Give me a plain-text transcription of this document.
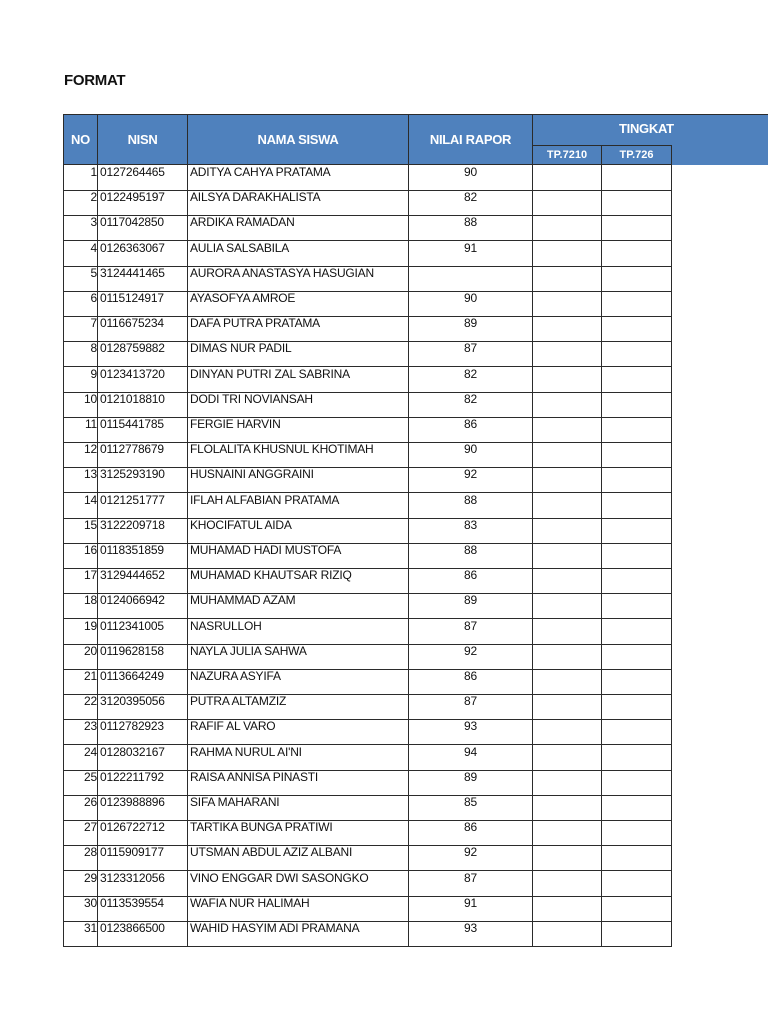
FORMAT
NO	NISN	NAMA SISWA	NILAI RAPOR
TINGKAT
TP.7210	TP.726
1 0127264465	ADITYA CAHYA PRATAMA	90
2 0122495197	AILSYA DARAKHALISTA	82
3 0117042850	ARDIKA RAMADAN	88
4 0126363067	AULIA SALSABILA	91
5 3124441465	AURORA ANASTASYA HASUGIAN
6 0115124917	AYASOFYA AMROE	90
7 0116675234	DAFA PUTRA PRATAMA	89
8 0128759882	DIMAS NUR PADIL	87
9 0123413720	DINYAN PUTRI ZAL SABRINA	82
10 0121018810	DODI TRI NOVIANSAH	82
11 0115441785	FERGIE HARVIN	86
12 0112778679	FLOLALITA KHUSNUL KHOTIMAH	90
13 3125293190	HUSNAINI ANGGRAINI	92
14 0121251777	IFLAH ALFABIAN PRATAMA	88
15 3122209718	KHOCIFATUL AIDA	83
16 0118351859	MUHAMAD HADI MUSTOFA	88
17 3129444652	MUHAMAD KHAUTSAR RIZIQ	86
18 0124066942	MUHAMMAD AZAM	89
19 0112341005	NASRULLOH	87
20 0119628158	NAYLA JULIA SAHWA	92
21 0113664249	NAZURA ASYIFA	86
22 3120395056	PUTRA ALTAMZIZ	87
23 0112782923	RAFIF AL VARO	93
24 0128032167	RAHMA NURUL AI'NI	94
25 0122211792	RAISA ANNISA PINASTI	89
26 0123988896	SIFA MAHARANI	85
27 0126722712	TARTIKA BUNGA PRATIWI	86
28 0115909177	UTSMAN ABDUL AZIZ ALBANI	92
29 3123312056	VINO ENGGAR DWI SASONGKO	87
30 0113539554	WAFIA NUR HALIMAH	91
31 0123866500	WAHID HASYIM ADI PRAMANA	93
